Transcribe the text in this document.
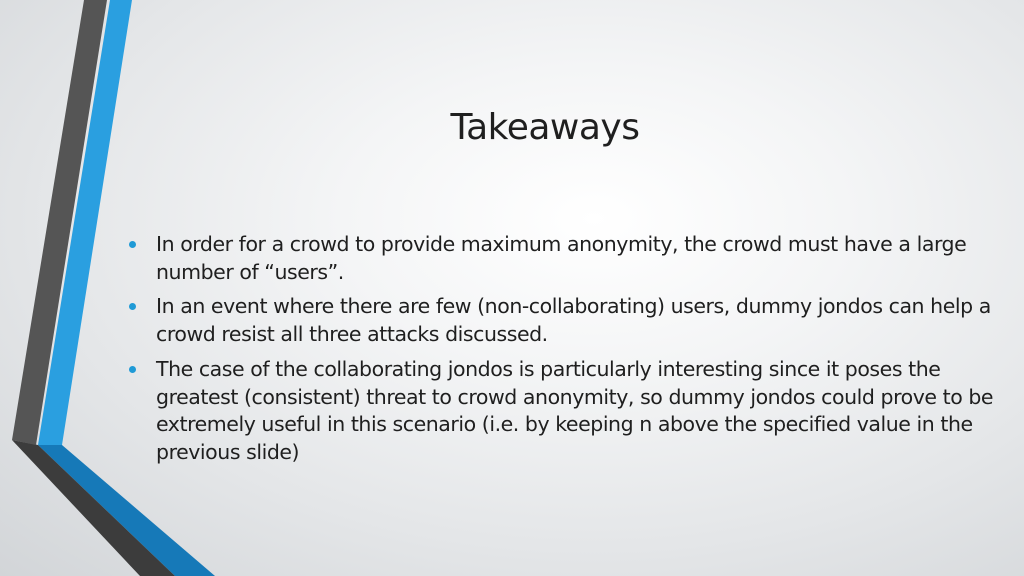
Takeaways
In order for a crowd to provide maximum anonymity, the crowd must have a large number of “users”.
In an event where there are few (non-collaborating) users, dummy jondos can help a crowd resist all three attacks discussed.
The case of the collaborating jondos is particularly interesting since it poses the greatest (consistent) threat to crowd anonymity, so dummy jondos could prove to be extremely useful in this scenario (i.e. by keeping n above the specified value in the previous slide)
